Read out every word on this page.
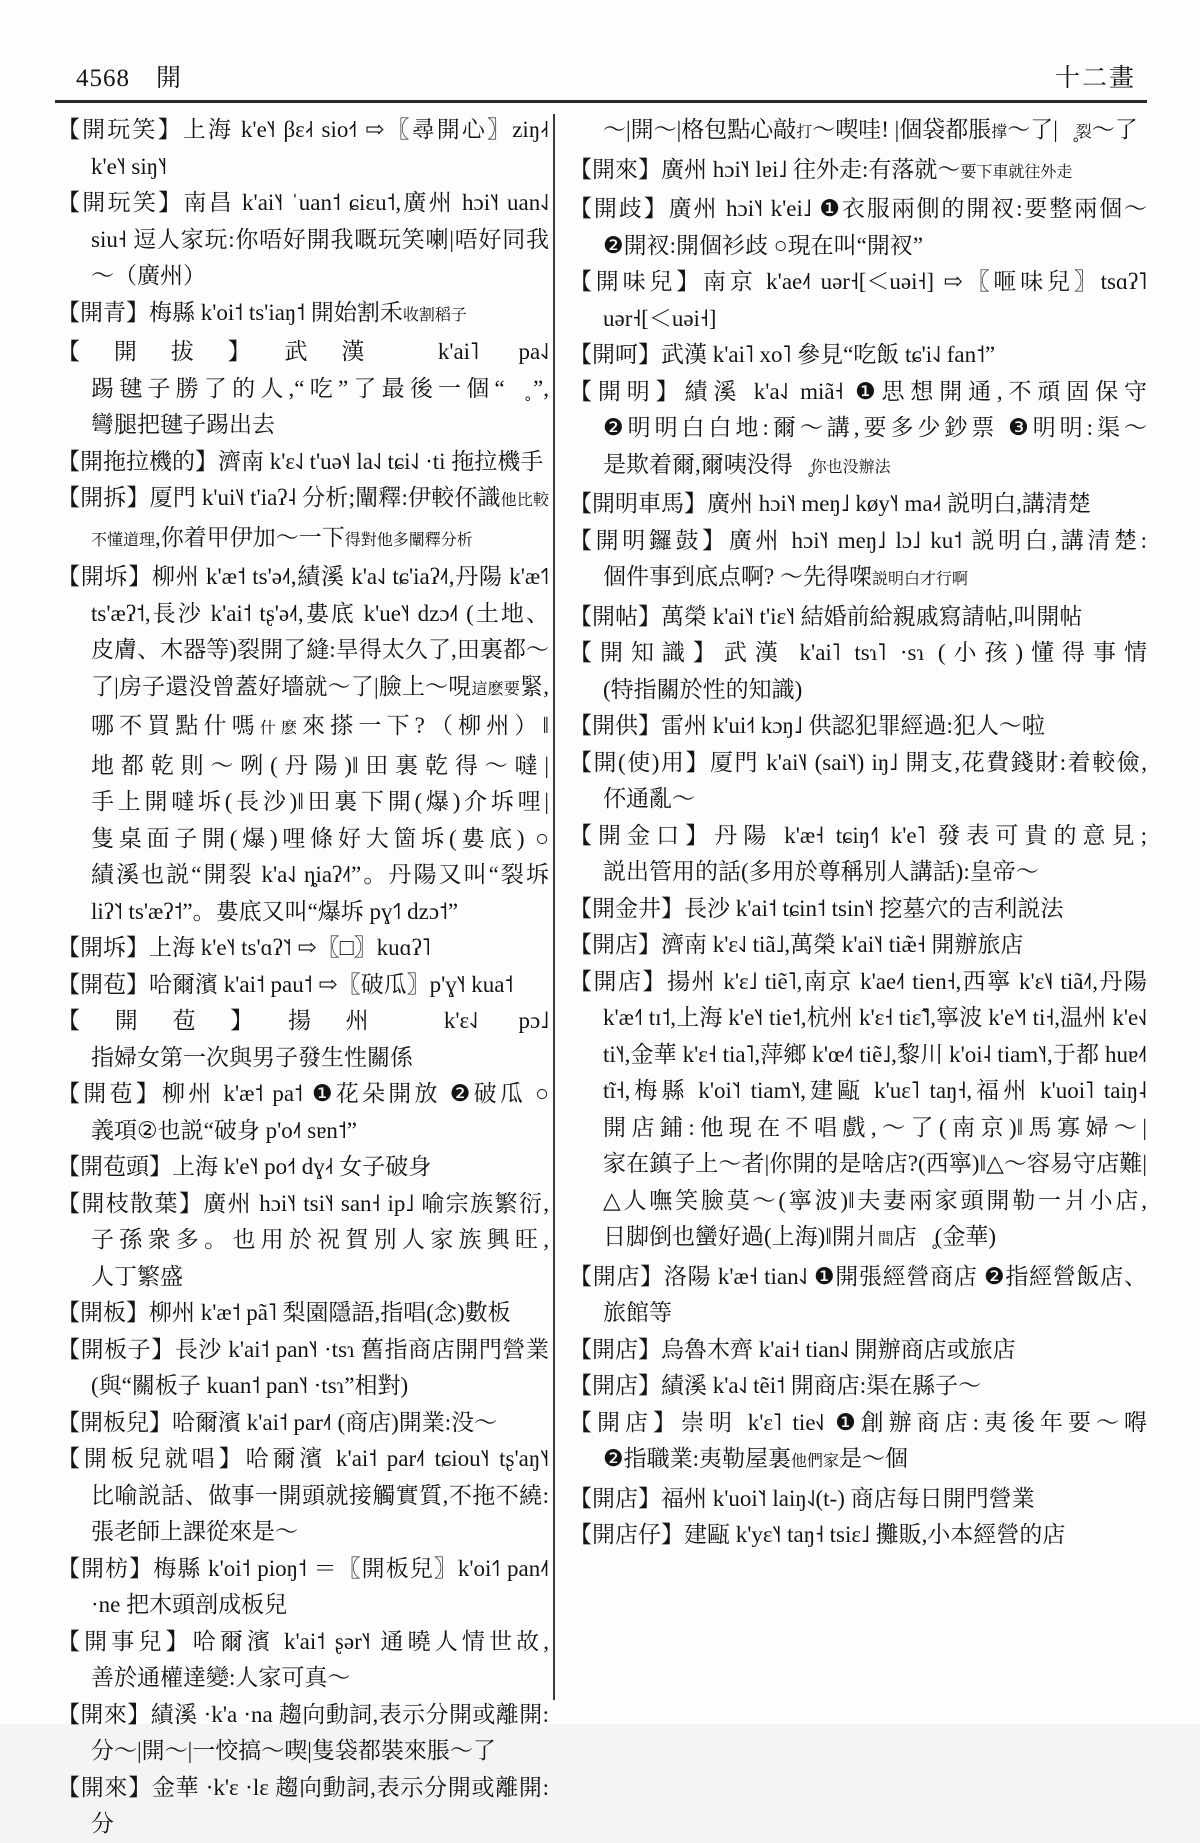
4568 開	十二畫
【開玩笑】上海 k'e˥˧ βɛ˨˧ sio˧˦ ⇨〖尋開心〗ziŋ˨˧ k'e˥˧ siŋ˥˧
【開玩笑】南昌 k'ai˥˧ ˈuan˦ ɕiɛu˦,廣州 hɔi˥˧ uan˨˩ siu˧ 逗人家玩:你唔好開我嘅玩笑喇|唔好同我～（廣州）
【開青】梅縣 k'oi˦ ts'iaŋ˦ 開始割禾收割稻子
【開拔】武漢 k'ai˥ pa˨˩ 踢毽子勝了的人,“吃”了最後一個“多̥”,彎腿把毽子踢出去
【開拖拉機的】濟南 k'ɛ˨˩ t'uə˦˨ la˨˩ tɕi˨˩ ·ti 拖拉機手
【開拆】厦門 k'ui˥˨ t'iaʔ˨ 分析;闡釋:伊較伓識他比較不懂道理,你着甲伊加～一下得對他多闡釋分析
【開坼】柳州 k'æ˦ ts'ə˨˦,績溪 k'a˨˩ tɕ'iaʔ˨˦,丹陽 k'æ˦˥ ts'æʔ˦,長沙 k'ai˦ tʂ'ə˨˦,婁底 k'ue˥˧ dzɔ˨˦ (土地、皮膚、木器等)裂開了縫:旱得太久了,田裏都～了|房子還没曾蓋好墻就～了|臉上～哯這麽要緊,哪不買點什嗎什麽來搽一下?（柳州）‖地都乾則～咧(丹陽)‖田裏乾得～噠|手上開噠坼(長沙)‖田裏下開(爆)介坼哩|隻桌面子開(爆)哩條好大箇坼(婁底) ○績溪也説“開裂 k'a˨˩ ȵiaʔ˨˦”。丹陽又叫“裂坼 liʔ˥˦ ts'æʔ˦”。婁底又叫“爆坼 pɣ˦˥ dzɔ˦”
【開坼】上海 k'e˥˧ ts'ɑʔ˥˦ ⇨〖□〗kuɑʔ˥
【開苞】哈爾濱 k'ai˦ pau˦ ⇨〖破瓜〗p'ɣ˥˧ kua˦
【開苞】揚州 k'ɛ˨˩ pɔ˩ 指婦女第一次與男子發生性關係
【開苞】柳州 k'æ˦ pa˦ ❶花朵開放 ❷破瓜 ○義項②也説“破身 p'o˨˦ sɐn˦”
【開苞頭】上海 k'e˥˧ po˧˦ dɣ˨˧ 女子破身
【開枝散葉】廣州 hɔi˥˧ tsi˥˧ san˧ ip˩ 喻宗族繁衍,子孫衆多。也用於祝賀別人家族興旺,人丁繁盛
【開板】柳州 k'æ˦ pã˥ 梨園隱語,指唱(念)數板
【開板子】長沙 k'ai˦ pan˥˧ ·tsɿ 舊指商店開門營業(與“關板子 kuan˦ pan˥˧ ·tsɿ”相對)
【開板兒】哈爾濱 k'ai˦ par˨˦ (商店)開業:没～
【開板兒就唱】哈爾濱 k'ai˦ par˨˦ tɕiou˥˧ tʂ'aŋ˥˧ 比喻説話、做事一開頭就接觸實質,不拖不繞:張老師上課從來是～
【開枋】梅縣 k'oi˦ pioŋ˦ ＝〖開板兒〗k'oi˦˥ pan˨˦ ·ne 把木頭剖成板兒
【開事兒】哈爾濱 k'ai˦ ʂər˥˧ 通曉人情世故,善於通權達變:人家可真～
【開來】績溪 ·k'a ·na 趨向動詞,表示分開或離開:分～|開～|一恔搞～喫|隻袋都裝來脹～了
【開來】金華 ·k'ɛ ·lɛ 趨向動詞,表示分開或離開:分
～|開～|格包點心敲打～喫哇! |個袋都脹撑～了|骨̥裂～了
【開來】廣州 hɔi˥˧ lɐi˩ 往外走:有落就～要下車就往外走
【開歧】廣州 hɔi˥˧ k'ei˩ ❶衣服兩側的開衩:要整兩個～ ❷開衩:開個衫歧 ○現在叫“開衩”
【開味兒】南京 k'ae˨˦ uər˧[＜uəi˧] ⇨〖咂味兒〗tsɑʔ˥ uər˧[＜uəi˧]
【開呵】武漢 k'ai˥ xo˥ 參見“吃飯 tɕ'i˨˩ fan˦”
【開明】績溪 k'a˨˩ miã˧ ❶思想開通,不頑固保守 ❷明明白白地:爾～講,要多少鈔票 ❸明明:渠～是欺着爾,爾咦没得動̥你也没辦法
【開明車馬】廣州 hɔi˥˧ meŋ˩ køy˥˧ ma˨˧ 説明白,講清楚
【開明鑼鼓】廣州 hɔi˥˧ meŋ˩ lɔ˩ ku˦ 説明白,講清楚:個件事到底点啊? ～先得㗎説明白才行啊
【開帖】萬榮 k'ai˥˧ t'iɛ˥˧ 結婚前給親戚寫請帖,叫開帖
【開知識】武漢 k'ai˥ tsɿ˥ ·sɿ (小孩)懂得事情(特指關於性的知識)
【開供】雷州 k'ui˧˦ kɔŋ˩ 供認犯罪經過:犯人～啦
【開(使)用】厦門 k'ai˥˨ (sai˥˧) iŋ˩ 開支,花費錢財:着較儉,伓通亂～
【開金口】丹陽 k'æ˧ tɕiŋ˧˥ k'e˥ 發表可貴的意見;説出管用的話(多用於尊稱別人講話):皇帝～
【開金井】長沙 k'ai˦ tɕin˦ tsin˥˧ 挖墓穴的吉利説法
【開店】濟南 k'ɛ˨˩ tiã˩,萬榮 k'ai˥˧ tiæ̃˧ 開辦旅店
【開店】揚州 k'ɛ˩ tiẽ˥,南京 k'ae˨˦ tien˧,西寧 k'ɛ˥˨ tiã˨˦,丹陽 k'æ˧˥ tɪ˦,上海 k'e˥˧ tie˦,杭州 k'ɛ˧ tiɛ̃˥,寧波 k'e˥˧˥ ti˧,温州 k'e˧˩ ti˥˧,金華 k'ɛ˧ tia˥,萍鄉 k'œ˨˦ tiẽ˩,黎川 k'oi˨ tiam˥˧,于都 huɐ˨˦ tĩ˧,梅縣 k'oi˥˦ tiam˥˧,建甌 k'uɛ˥ taŋ˧,福州 k'uoi˥ taiŋ˨ 開店鋪:他現在不唱戲,～了(南京)‖馬寡婦～|家在鎮子上～者|你開的是啥店?(西寧)‖△～容易守店難|△人嘸笑臉莫～(寧波)‖夫妻兩家頭開勒一爿小店,日脚倒也蠻好過(上海)‖開爿間店挈̥(金華)
【開店】洛陽 k'æ˧ tian˨˩ ❶開張經營商店 ❷指經營飯店、旅館等
【開店】烏魯木齊 k'ai˧ tian˨˩ 開辦商店或旅店
【開店】績溪 k'a˨˩ tẽi˦ 開商店:渠在縣子～
【開店】崇明 k'ɛ˥ tie˧˩ ❶創辦商店:夷後年要～嘚 ❷指職業:夷勒屋裏他們家是～個
【開店】福州 k'uoi˥˦ laiŋ˨˩(t-) 商店每日開門營業
【開店仔】建甌 k'yɛ˥˧ taŋ˧ tsiɛ˩ 攤販,小本經營的店
